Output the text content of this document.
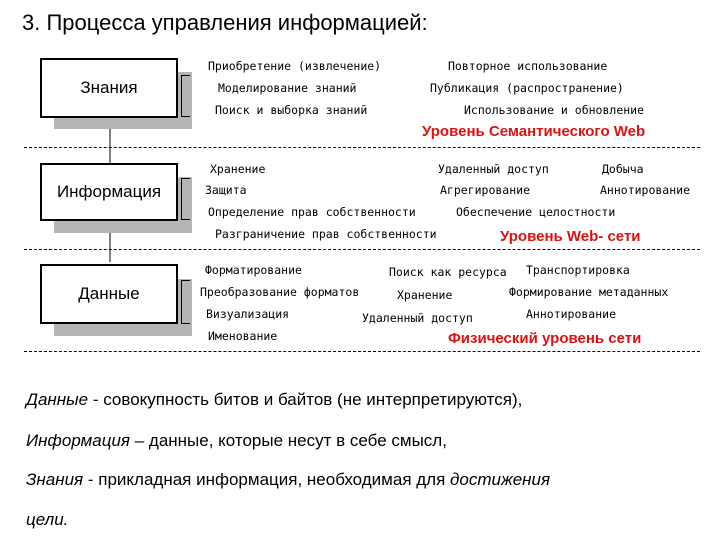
3. Процесса управления информацией:
Знания
Информация
Данные
Приобретение (извлечение)
Моделирование знаний
Поиск и выборка знаний
Повторное использование
Публикация (распространение)
Использование и обновление
Уровень Семантического Web
Хранение
Защита
Определение прав собственности
Разграничение прав собственности
Удаленный доступ
Агрегирование
Обеспечение целостности
Добыча
Аннотирование
Уровень Web- сети
Форматирование
Преобразование форматов
Визуализация
Именование
Поиск как ресурса
Хранение
Удаленный доступ
Транспортировка
Формирование метаданных
Аннотирование
Физический уровень сети
Данные - совокупность битов и байтов (не интерпретируются),
Информация – данные, которые несут в себе смысл,
Знания - прикладная информация, необходимая для достижения
цели.
